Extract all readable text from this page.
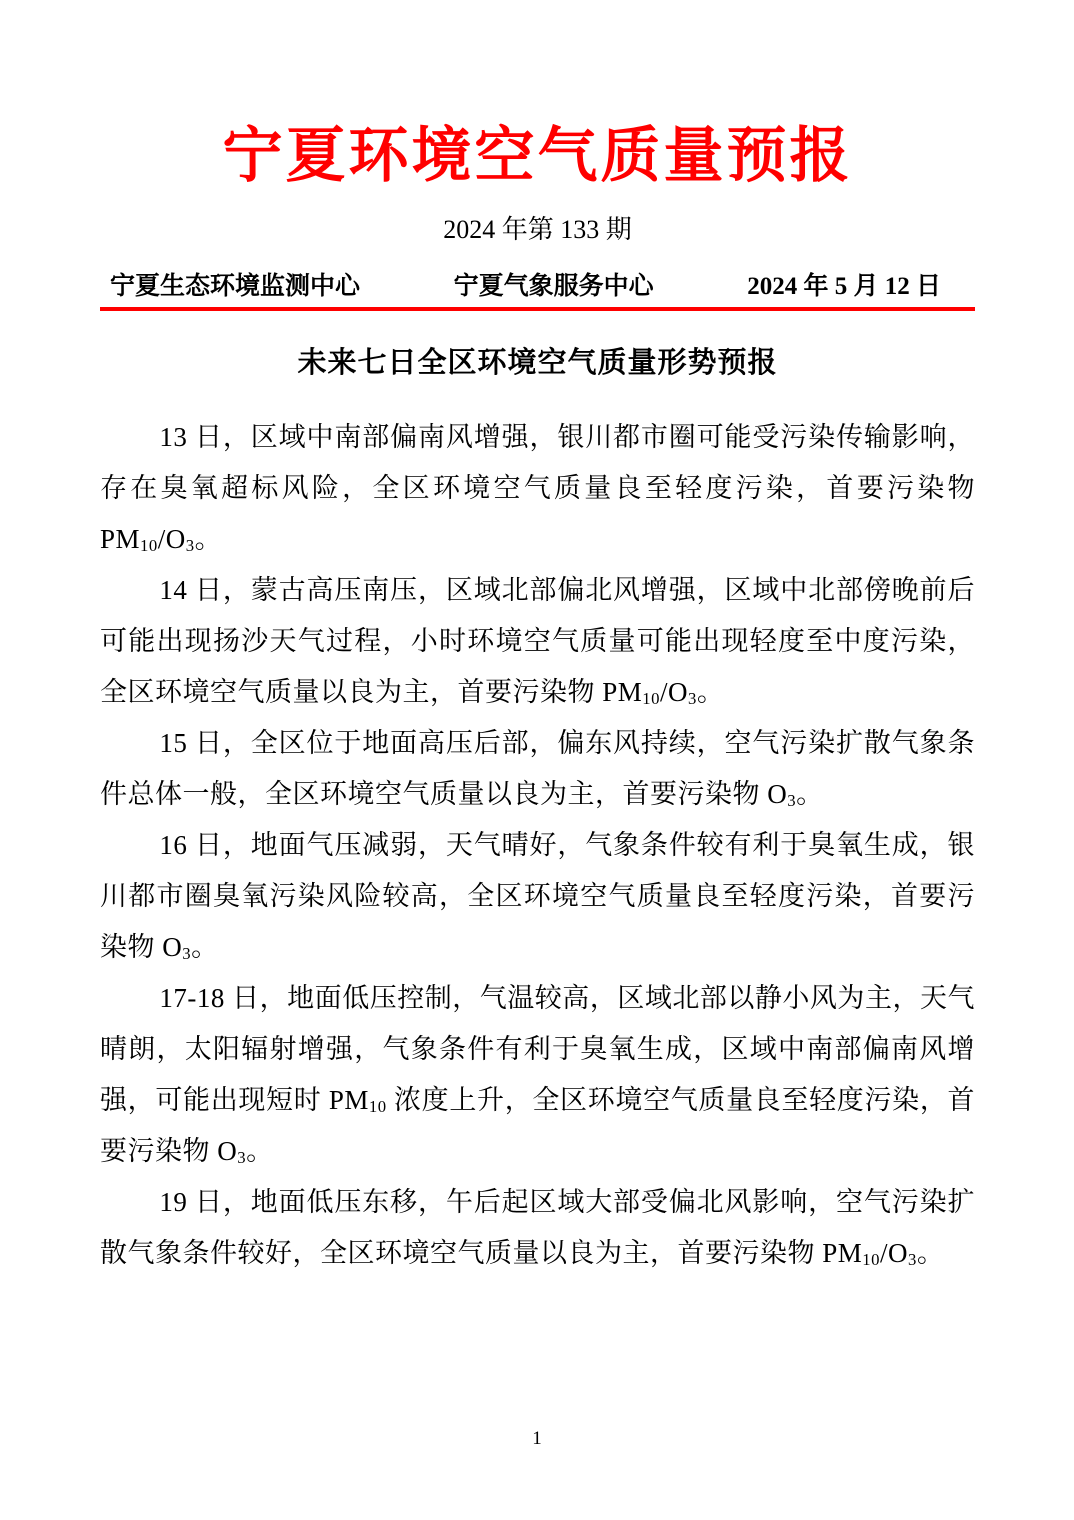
宁夏环境空气质量预报
2024 年第 133 期
宁夏生态环境监测中心	宁夏气象服务中心	2024 年 5 月 12 日
未来七日全区环境空气质量形势预报

13 日，区域中南部偏南风增强，银川都市圈可能受污染传输影响，存在臭氧超标风险，全区环境空气质量良至轻度污染，首要污染物 $PM_{10}/O_3$。

14 日，蒙古高压南压，区域北部偏北风增强，区域中北部傍晚前后可能出现扬沙天气过程，小时环境空气质量可能出现轻度至中度污染，全区环境空气质量以良为主，首要污染物 $PM_{10}/O_3$。

15 日，全区位于地面高压后部，偏东风持续，空气污染扩散气象条件总体一般，全区环境空气质量以良为主，首要污染物 $O_3$。

16 日，地面气压减弱，天气晴好，气象条件较有利于臭氧生成，银川都市圈臭氧污染风险较高，全区环境空气质量良至轻度污染，首要污染物 $O_3$。

17-18 日，地面低压控制，气温较高，区域北部以静小风为主，天气晴朗，太阳辐射增强，气象条件有利于臭氧生成，区域中南部偏南风增强，可能出现短时 $PM_{10}$ 浓度上升，全区环境空气质量良至轻度污染，首要污染物 $O_3$。

19 日，地面低压东移，午后起区域大部受偏北风影响，空气污染扩散气象条件较好，全区环境空气质量以良为主，首要污染物 $PM_{10}/O_3$。

1
